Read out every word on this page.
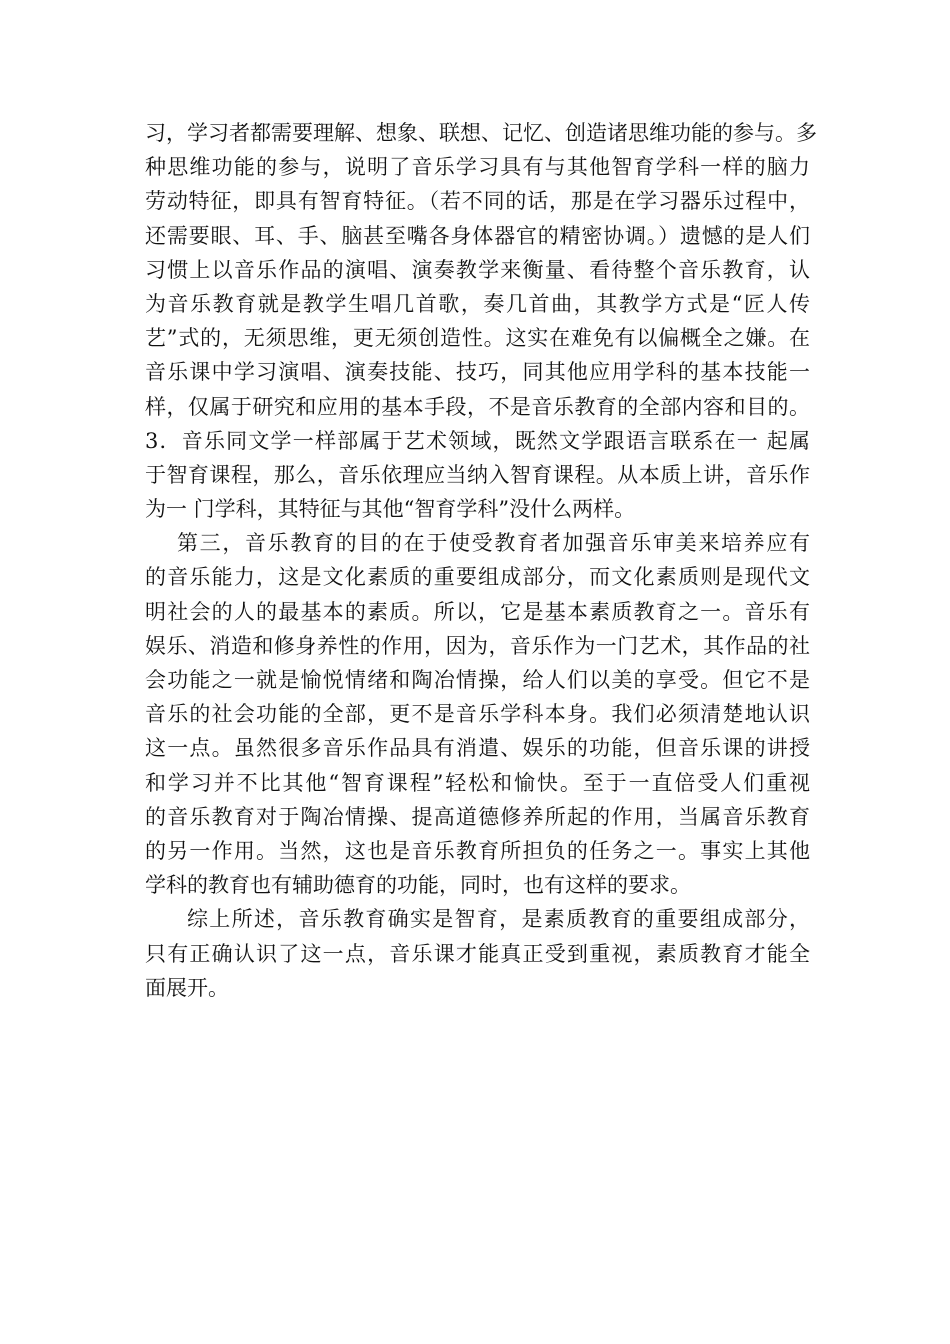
习，学习者都需要理解、想象、联想、记忆、创造诸思维功能的参与。多
种思维功能的参与，说明了音乐学习具有与其他智育学科一样的脑力
劳动特征，即具有智育特征。（若不同的话，那是在学习器乐过程中，
还需要眼、耳、手、脑甚至嘴各身体器官的精密协调。）遗憾的是人们
习惯上以音乐作品的演唱、演奏教学来衡量、看待整个音乐教育，认
为音乐教育就是教学生唱几首歌，奏几首曲，其教学方式是“匠人传
艺”式的，无须思维，更无须创造性。这实在难免有以偏概全之嫌。在
音乐课中学习演唱、演奏技能、技巧，同其他应用学科的基本技能一
样，仅属于研究和应用的基本手段，不是音乐教育的全部内容和目的。
3．音乐同文学一样部属于艺术领域，既然文学跟语言联系在一 起属
于智育课程，那么，音乐依理应当纳入智育课程。从本质上讲，音乐作
为一 门学科，其特征与其他“智育学科”没什么两样。
第三，音乐教育的目的在于使受教育者加强音乐审美来培养应有
的音乐能力，这是文化素质的重要组成部分，而文化素质则是现代文
明社会的人的最基本的素质。所以，它是基本素质教育之一。音乐有
娱乐、消造和修身养性的作用，因为，音乐作为一门艺术，其作品的社
会功能之一就是愉悦情绪和陶冶情操，给人们以美的享受。但它不是
音乐的社会功能的全部，更不是音乐学科本身。我们必须清楚地认识
这一点。虽然很多音乐作品具有消遣、娱乐的功能，但音乐课的讲授
和学习并不比其他“智育课程”轻松和愉快。至于一直倍受人们重视
的音乐教育对于陶冶情操、提高道德修养所起的作用，当属音乐教育
的另一作用。当然，这也是音乐教育所担负的任务之一。事实上其他
学科的教育也有辅助德育的功能，同时，也有这样的要求。
综上所述，音乐教育确实是智育，是素质教育的重要组成部分，
只有正确认识了这一点，音乐课才能真正受到重视，素质教育才能全
面展开。
